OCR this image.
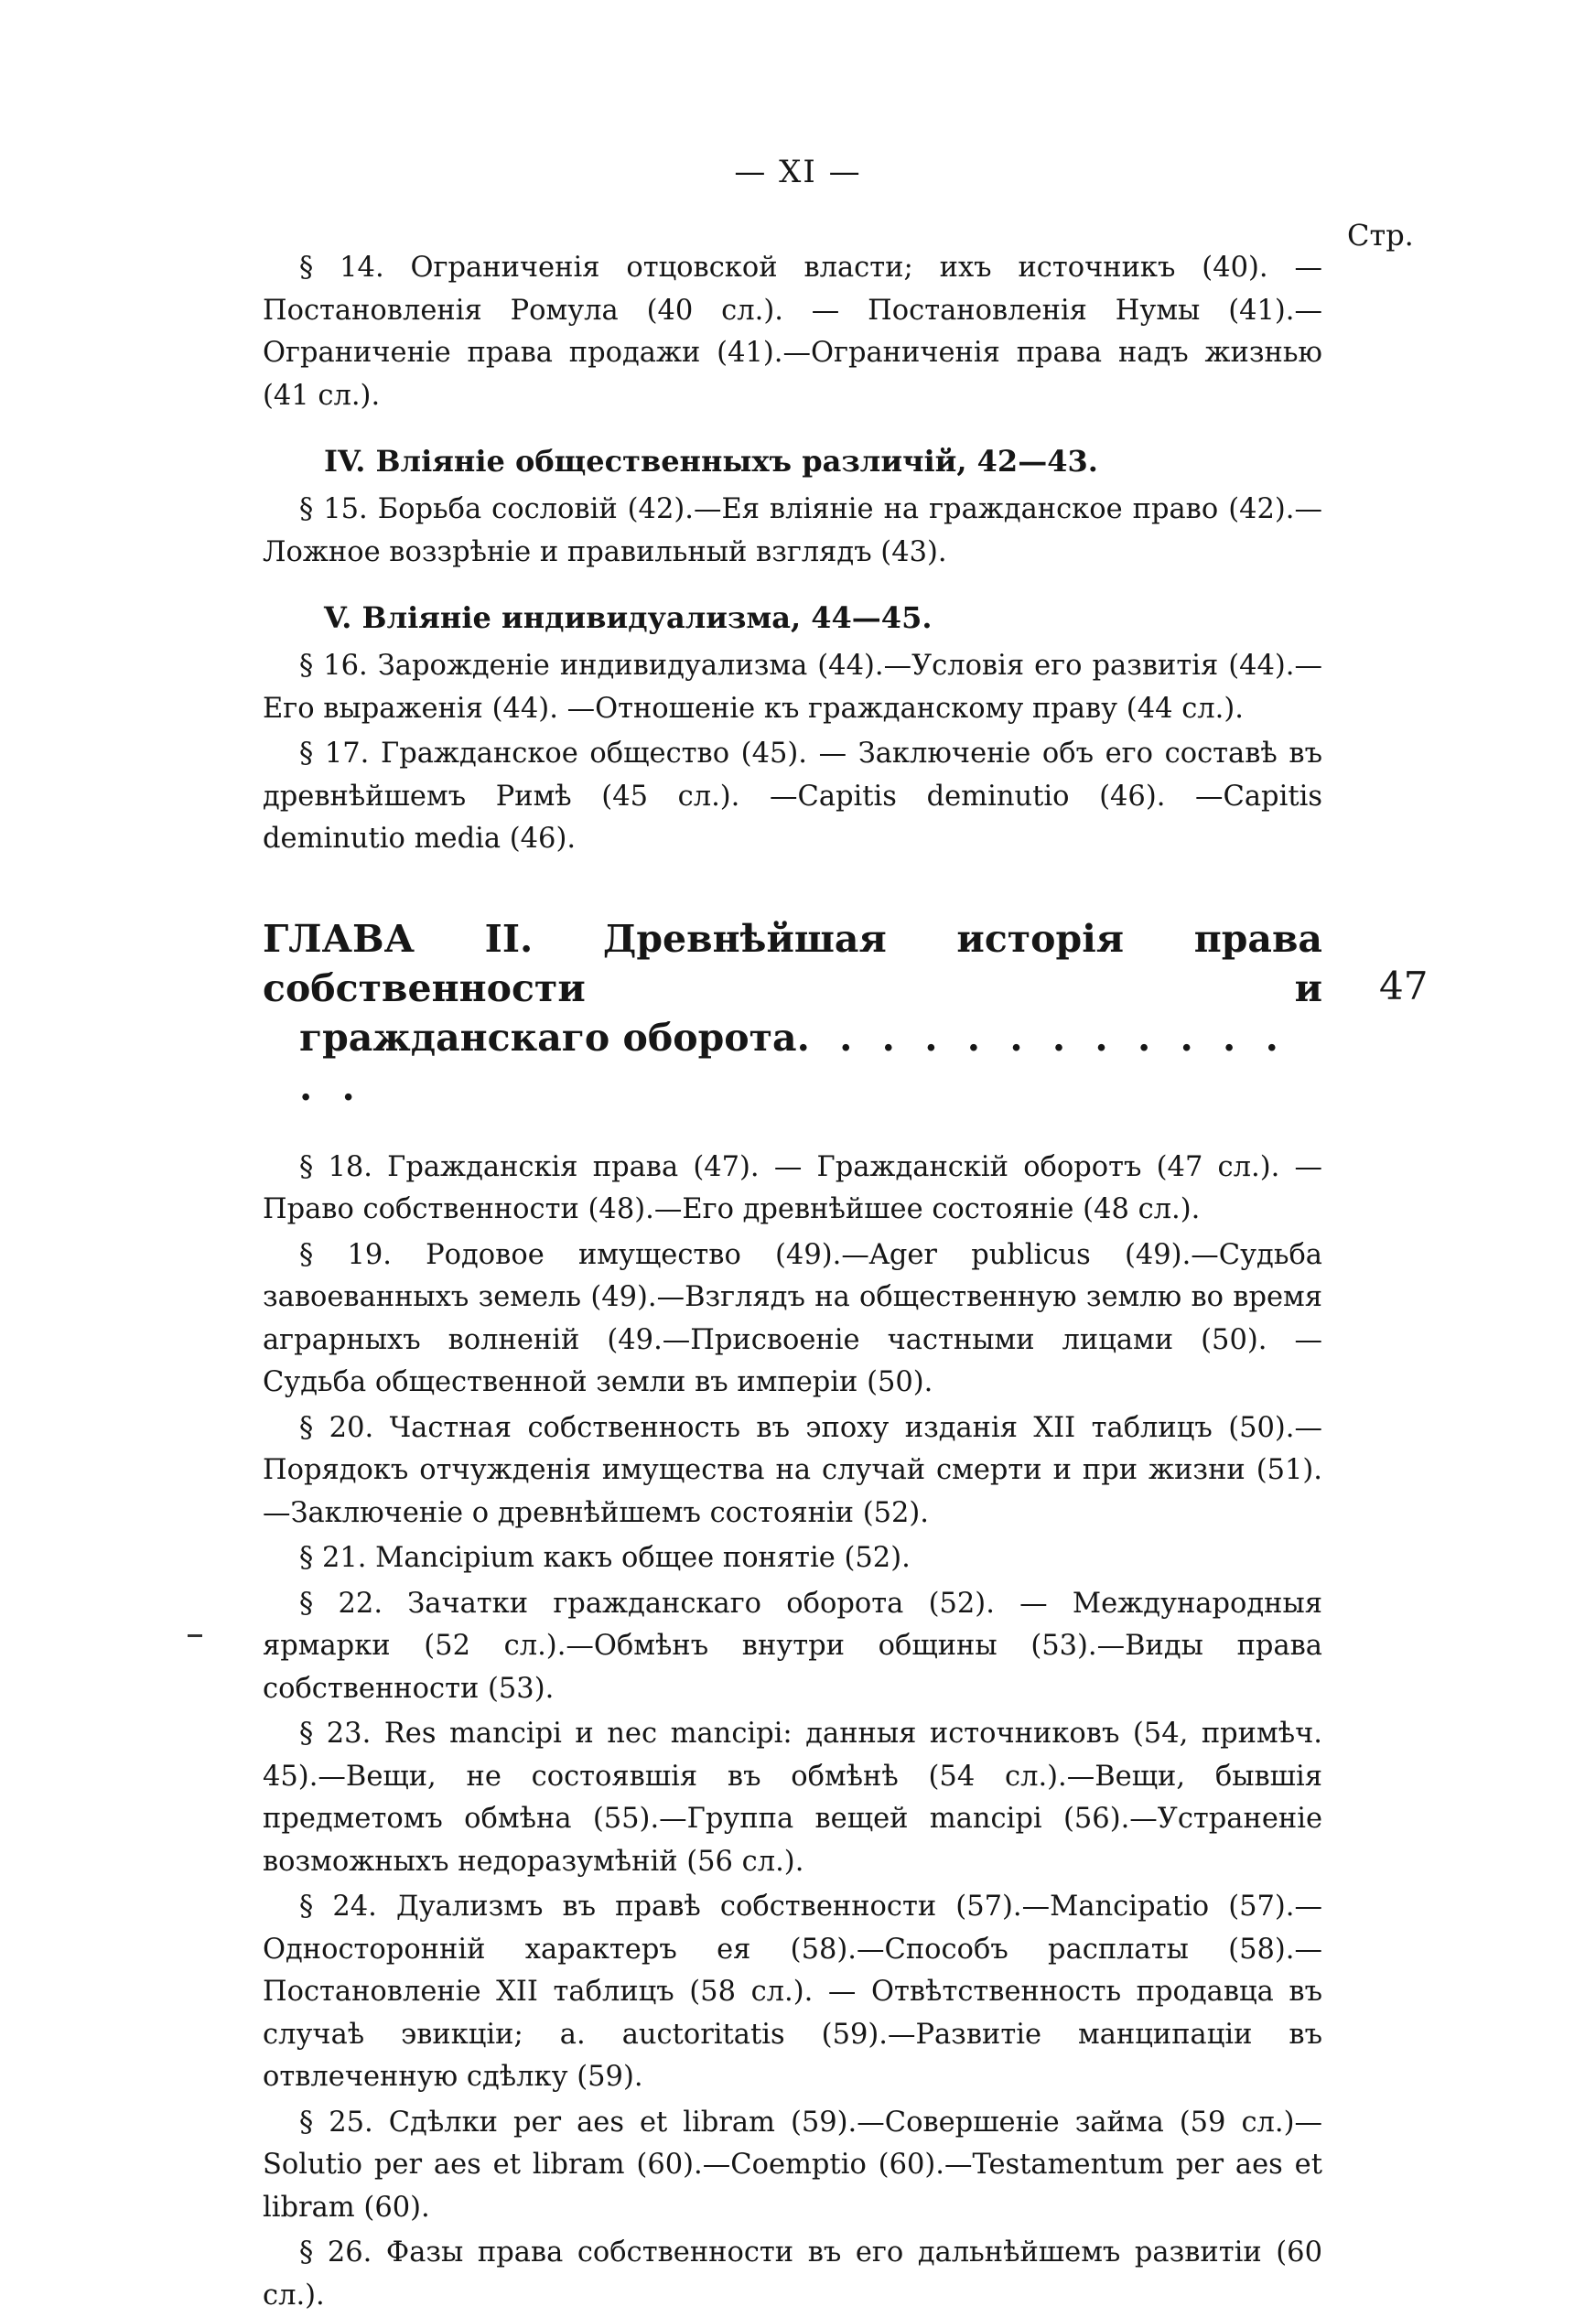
— XI —
Стр.

§ 14. Ограниченія отцовской власти; ихъ источникъ (40). — Постановленія Ромула (40 сл.). — Постановленія Нумы (41).—Ограниченіе права продажи (41).—Ограниченія права надъ жизнью (41 сл.).

IV. Вліяніе общественныхъ различій, 42—43.

§ 15. Борьба сословій (42).—Ея вліяніе на гражданское право (42).—Ложное воззрѣніе и правильный взглядъ (43).

V. Вліяніе индивидуализма, 44—45.

§ 16. Зарожденіе индивидуализма (44).—Условія его развитія (44).—Его выраженія (44). —Отношеніе къ гражданскому праву (44 сл.).

§ 17. Гражданское общество (45). — Заключеніе объ его составѣ въ древнѣйшемъ Римѣ (45 сл.). —Capitis deminutio (46). —Capitis deminutio media (46).

ГЛАВА II. Древнѣйшая исторія права собственности и
гражданскаго оборота. . . . . . . . . . . . . .
47

§ 18. Гражданскія права (47). — Гражданскій оборотъ (47 сл.). — Право собственности (48).—Его древнѣйшее состояніе (48 сл.).

§ 19. Родовое имущество (49).—Ager publicus (49).—Судьба завоеванныхъ земель (49).—Взглядъ на общественную землю во время аграрныхъ волненій (49.—Присвоеніе частными лицами (50). — Судьба общественной земли въ имперіи (50).

§ 20. Частная собственность въ эпоху изданія XII таблицъ (50).—Порядокъ отчужденія имущества на случай смерти и при жизни (51).—Заключеніе о древнѣйшемъ состояніи (52).

§ 21. Mancipium какъ общее понятіе (52).

§ 22. Зачатки гражданскаго оборота (52). — Международныя ярмарки (52 сл.).—Обмѣнъ внутри общины (53).—Виды права собственности (53).

§ 23. Res mancipi и nec mancipi: данныя источниковъ (54, примѣч. 45).—Вещи, не состоявшія въ обмѣнѣ (54 сл.).—Вещи, бывшія предметомъ обмѣна (55).—Группа вещей mancipi (56).—Устраненіе возможныхъ недоразумѣній (56 сл.).

§ 24. Дуализмъ въ правѣ собственности (57).—Mancipatio (57).—Односторонній характеръ ея (58).—Способъ расплаты (58).—Постановленіе XII таблицъ (58 сл.). — Отвѣтственность продавца въ случаѣ эвикціи; a. auctoritatis (59).—Развитіе манципаціи въ отвлеченную сдѣлку (59).

§ 25. Сдѣлки per aes et libram (59).—Совершеніе займа (59 сл.)—Solutio per aes et libram (60).—Coemptio (60).—Testamentum per aes et libram (60).

§ 26. Фазы права собственности въ его дальнѣйшемъ развитіи (60 сл.).
